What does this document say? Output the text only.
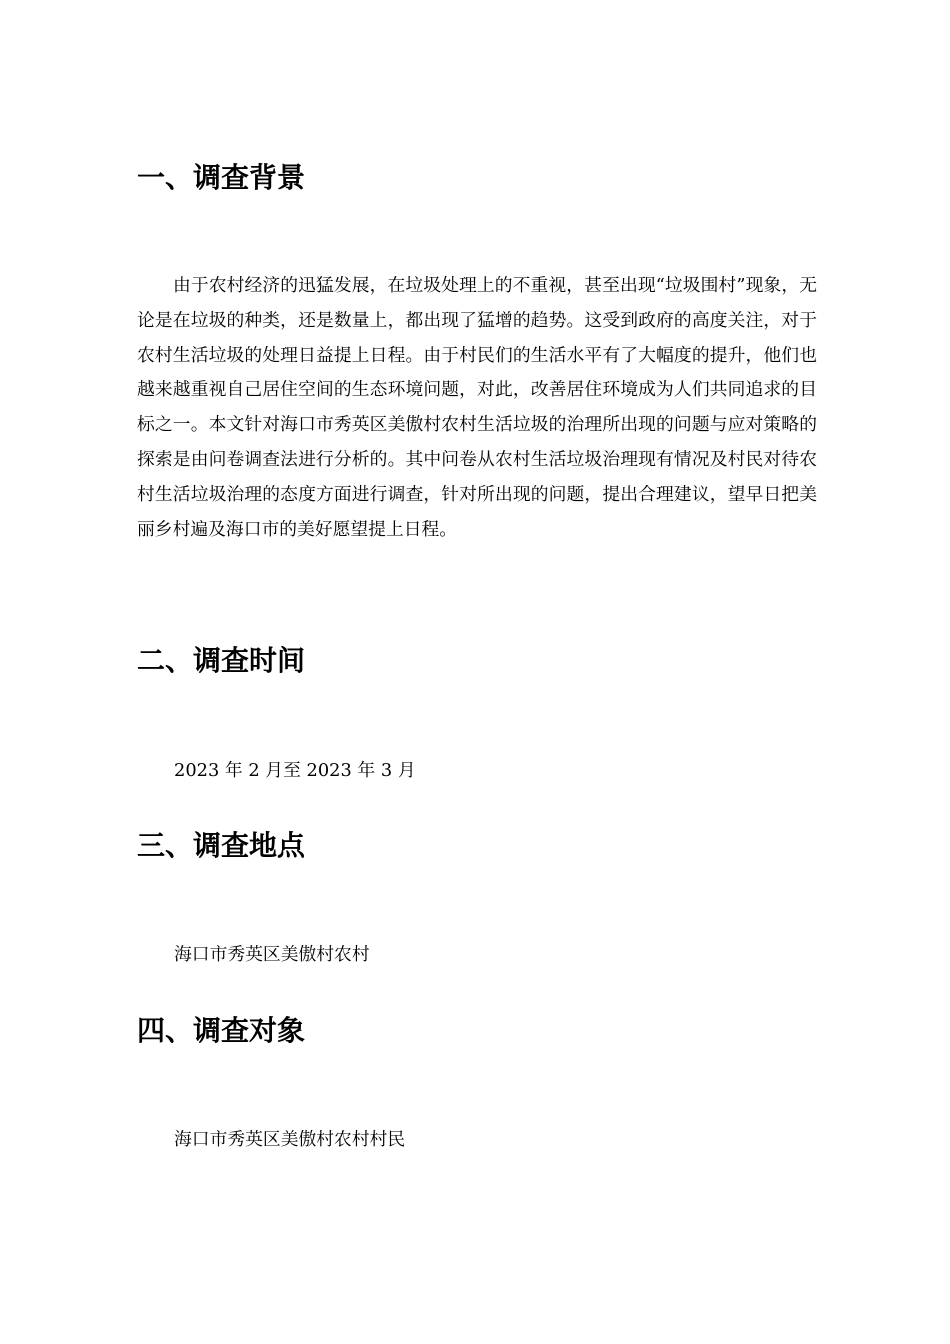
一、调查背景

由于农村经济的迅猛发展，在垃圾处理上的不重视，甚至出现“垃圾围村”现象，无论是在垃圾的种类，还是数量上，都出现了猛增的趋势。这受到政府的高度关注，对于农村生活垃圾的处理日益提上日程。由于村民们的生活水平有了大幅度的提升，他们也越来越重视自己居住空间的生态环境问题，对此，改善居住环境成为人们共同追求的目标之一。本文针对海口市秀英区美傲村农村生活垃圾的治理所出现的问题与应对策略的探索是由问卷调查法进行分析的。其中问卷从农村生活垃圾治理现有情况及村民对待农村生活垃圾治理的态度方面进行调查，针对所出现的问题，提出合理建议，望早日把美丽乡村遍及海口市的美好愿望提上日程。

二、调查时间

2023 年 2 月至 2023 年 3 月

三、调查地点

海口市秀英区美傲村农村

四、调查对象

海口市秀英区美傲村农村村民
